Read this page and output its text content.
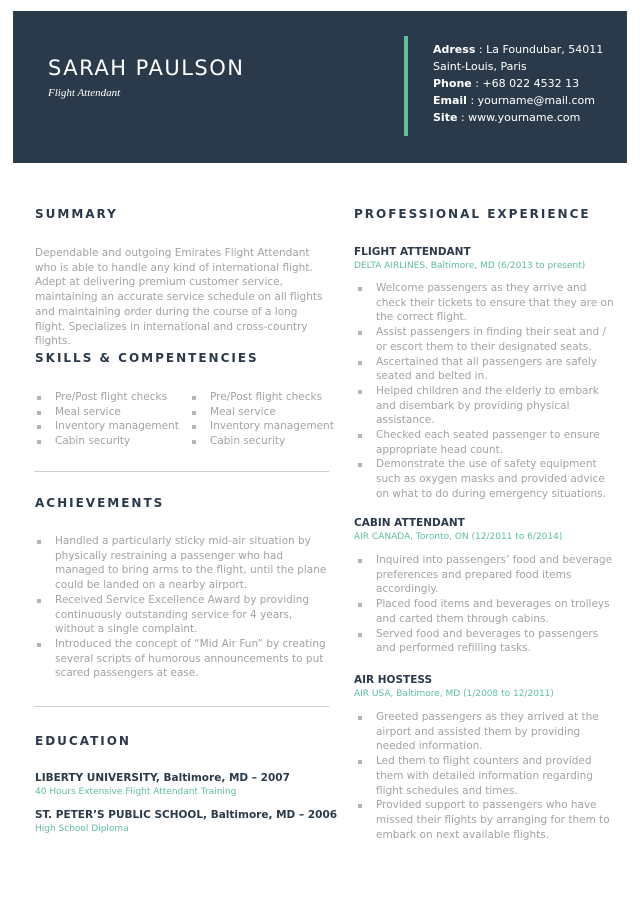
SARAH PAULSON
Flight Attendant
Adress : La Foundubar, 54011
Saint-Louis, Paris
Phone : +68 022 4532 13
Email : yourname@mail.com
Site : www.yourname.com
SUMMARY

Dependable and outgoing Emirates Flight Attendant who is able to handle any kind of international flight. Adept at delivering premium customer service, maintaining an accurate service schedule on all flights and maintaining order during the course of a long flight. Specializes in international and cross-country flights.

SKILLS & COMPENTENCIES
Pre/Post flight checks
Meal service
Inventory management
Cabin security
Pre/Post flight checks
Meal service
Inventory management
Cabin security
ACHIEVEMENTS
Handled a particularly sticky mid-air situation by physically restraining a passenger who had managed to bring arms to the flight, until the plane could be landed on a nearby airport.
Received Service Excellence Award by providing continuously outstanding service for 4 years, without a single complaint.
Introduced the concept of “Mid Air Fun” by creating several scripts of humorous announcements to put scared passengers at ease.
EDUCATION
LIBERTY UNIVERSITY, Baltimore, MD – 2007
40 Hours Extensive Flight Attendant Training
ST. PETER’S PUBLIC SCHOOL, Baltimore, MD – 2006
High School Diploma
PROFESSIONAL EXPERIENCE
FLIGHT ATTENDANT
DELTA AIRLINES, Baltimore, MD (6/2013 to present)
Welcome passengers as they arrive and check their tickets to ensure that they are on the correct flight.
Assist passengers in finding their seat and / or escort them to their designated seats.
Ascertained that all passengers are safely seated and belted in.
Helped children and the elderly to embark and disembark by providing physical assistance.
Checked each seated passenger to ensure appropriate head count.
Demonstrate the use of safety equipment such as oxygen masks and provided advice on what to do during emergency situations.
CABIN ATTENDANT
AIR CANADA, Toronto, ON (12/2011 to 6/2014)
Inquired into passengers’ food and beverage preferences and prepared food items accordingly.
Placed food items and beverages on trolleys and carted them through cabins.
Served food and beverages to passengers and performed refilling tasks.
AIR HOSTESS
AIR USA, Baltimore, MD (1/2008 to 12/2011)
Greeted passengers as they arrived at the airport and assisted them by providing needed information.
Led them to flight counters and provided them with detailed information regarding flight schedules and times.
Provided support to passengers who have missed their flights by arranging for them to embark on next available flights.
